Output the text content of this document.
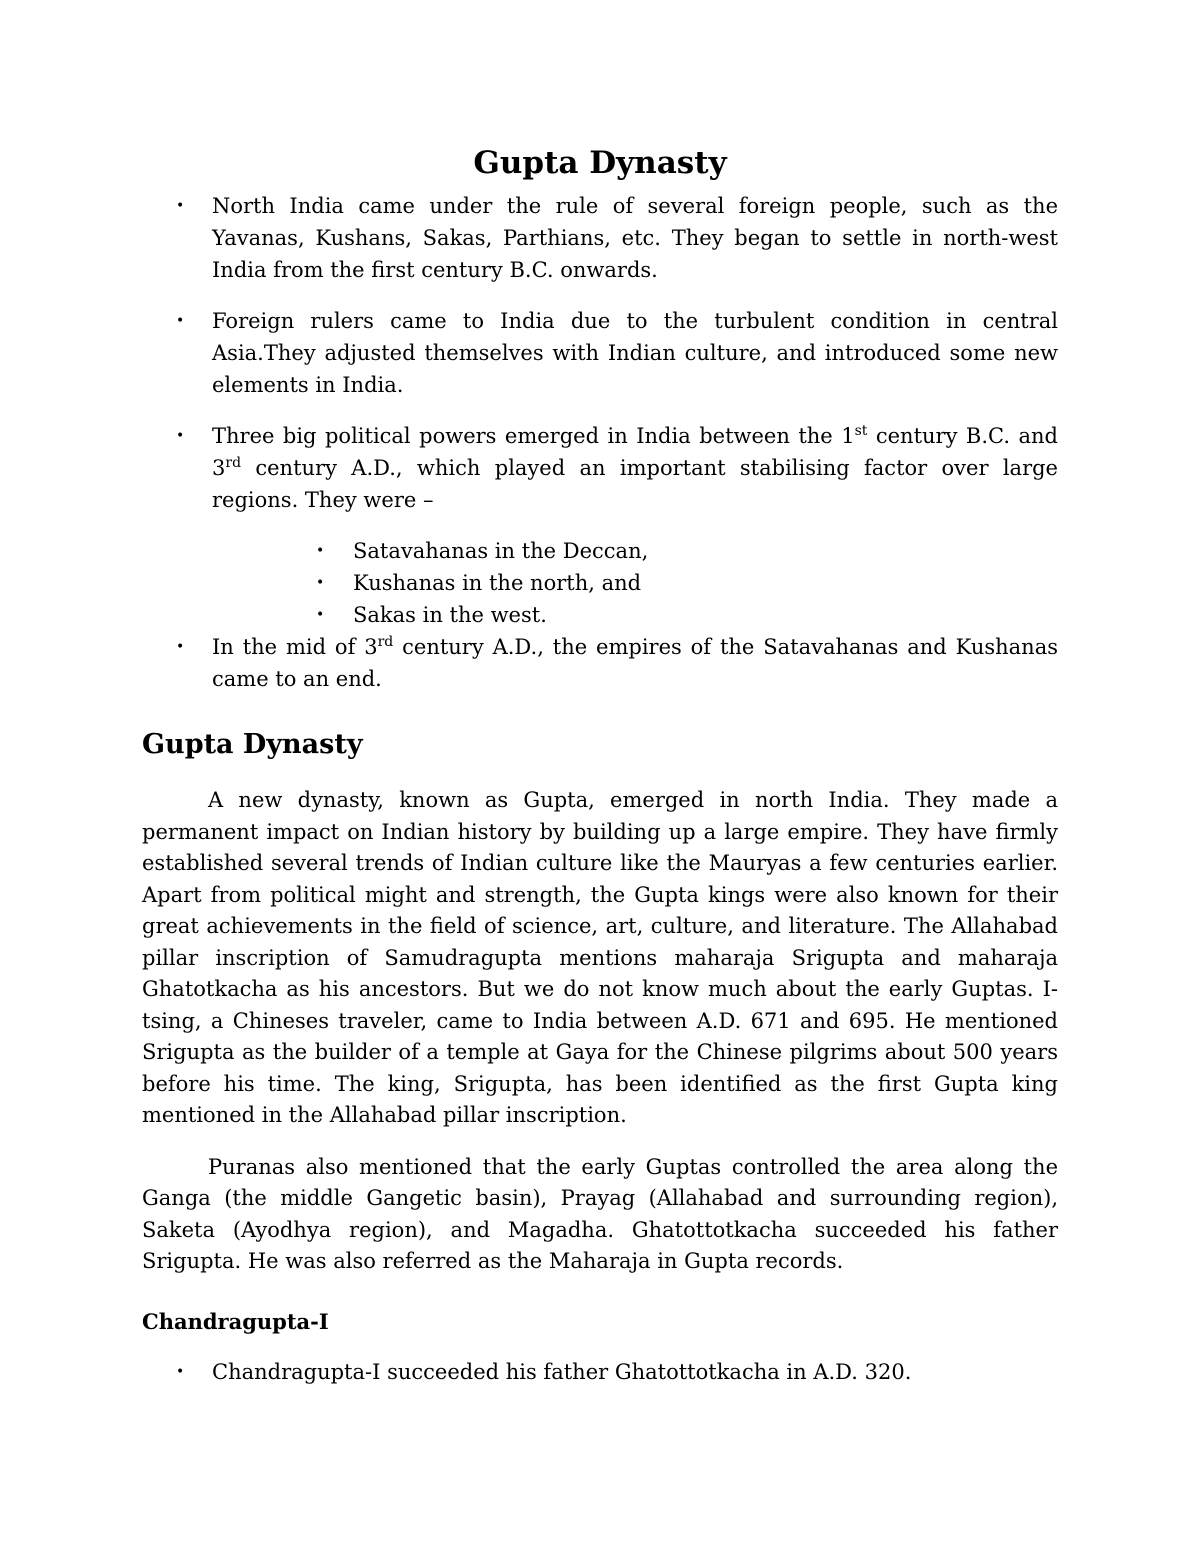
Gupta Dynasty
• North India came under the rule of several foreign people, such as the Yavanas, Kushans, Sakas, Parthians, etc. They began to settle in north-west India from the first century B.C. onwards.
• Foreign rulers came to India due to the turbulent condition in central Asia.They adjusted themselves with Indian culture, and introduced some new elements in India.
• Three big political powers emerged in India between the 1st century B.C. and 3rd century A.D., which played an important stabilising factor over large regions. They were –
• Satavahanas in the Deccan,
• Kushanas in the north, and
• Sakas in the west.
• In the mid of 3rd century A.D., the empires of the Satavahanas and Kushanas came to an end.
Gupta Dynasty

A new dynasty, known as Gupta, emerged in north India. They made a permanent impact on Indian history by building up a large empire. They have firmly established several trends of Indian culture like the Mauryas a few centuries earlier. Apart from political might and strength, the Gupta kings were also known for their great achievements in the field of science, art, culture, and literature. The Allahabad pillar inscription of Samudragupta mentions maharaja Srigupta and maharaja Ghatotkacha as his ancestors. But we do not know much about the early Guptas. I-tsing, a Chineses traveler, came to India between A.D. 671 and 695. He mentioned Srigupta as the builder of a temple at Gaya for the Chinese pilgrims about 500 years before his time. The king, Srigupta, has been identified as the first Gupta king mentioned in the Allahabad pillar inscription.

Puranas also mentioned that the early Guptas controlled the area along the Ganga (the middle Gangetic basin), Prayag (Allahabad and surrounding region), Saketa (Ayodhya region), and Magadha. Ghatottotkacha succeeded his father Srigupta. He was also referred as the Maharaja in Gupta records.

Chandragupta-I
• Chandragupta-I succeeded his father Ghatottotkacha in A.D. 320.
